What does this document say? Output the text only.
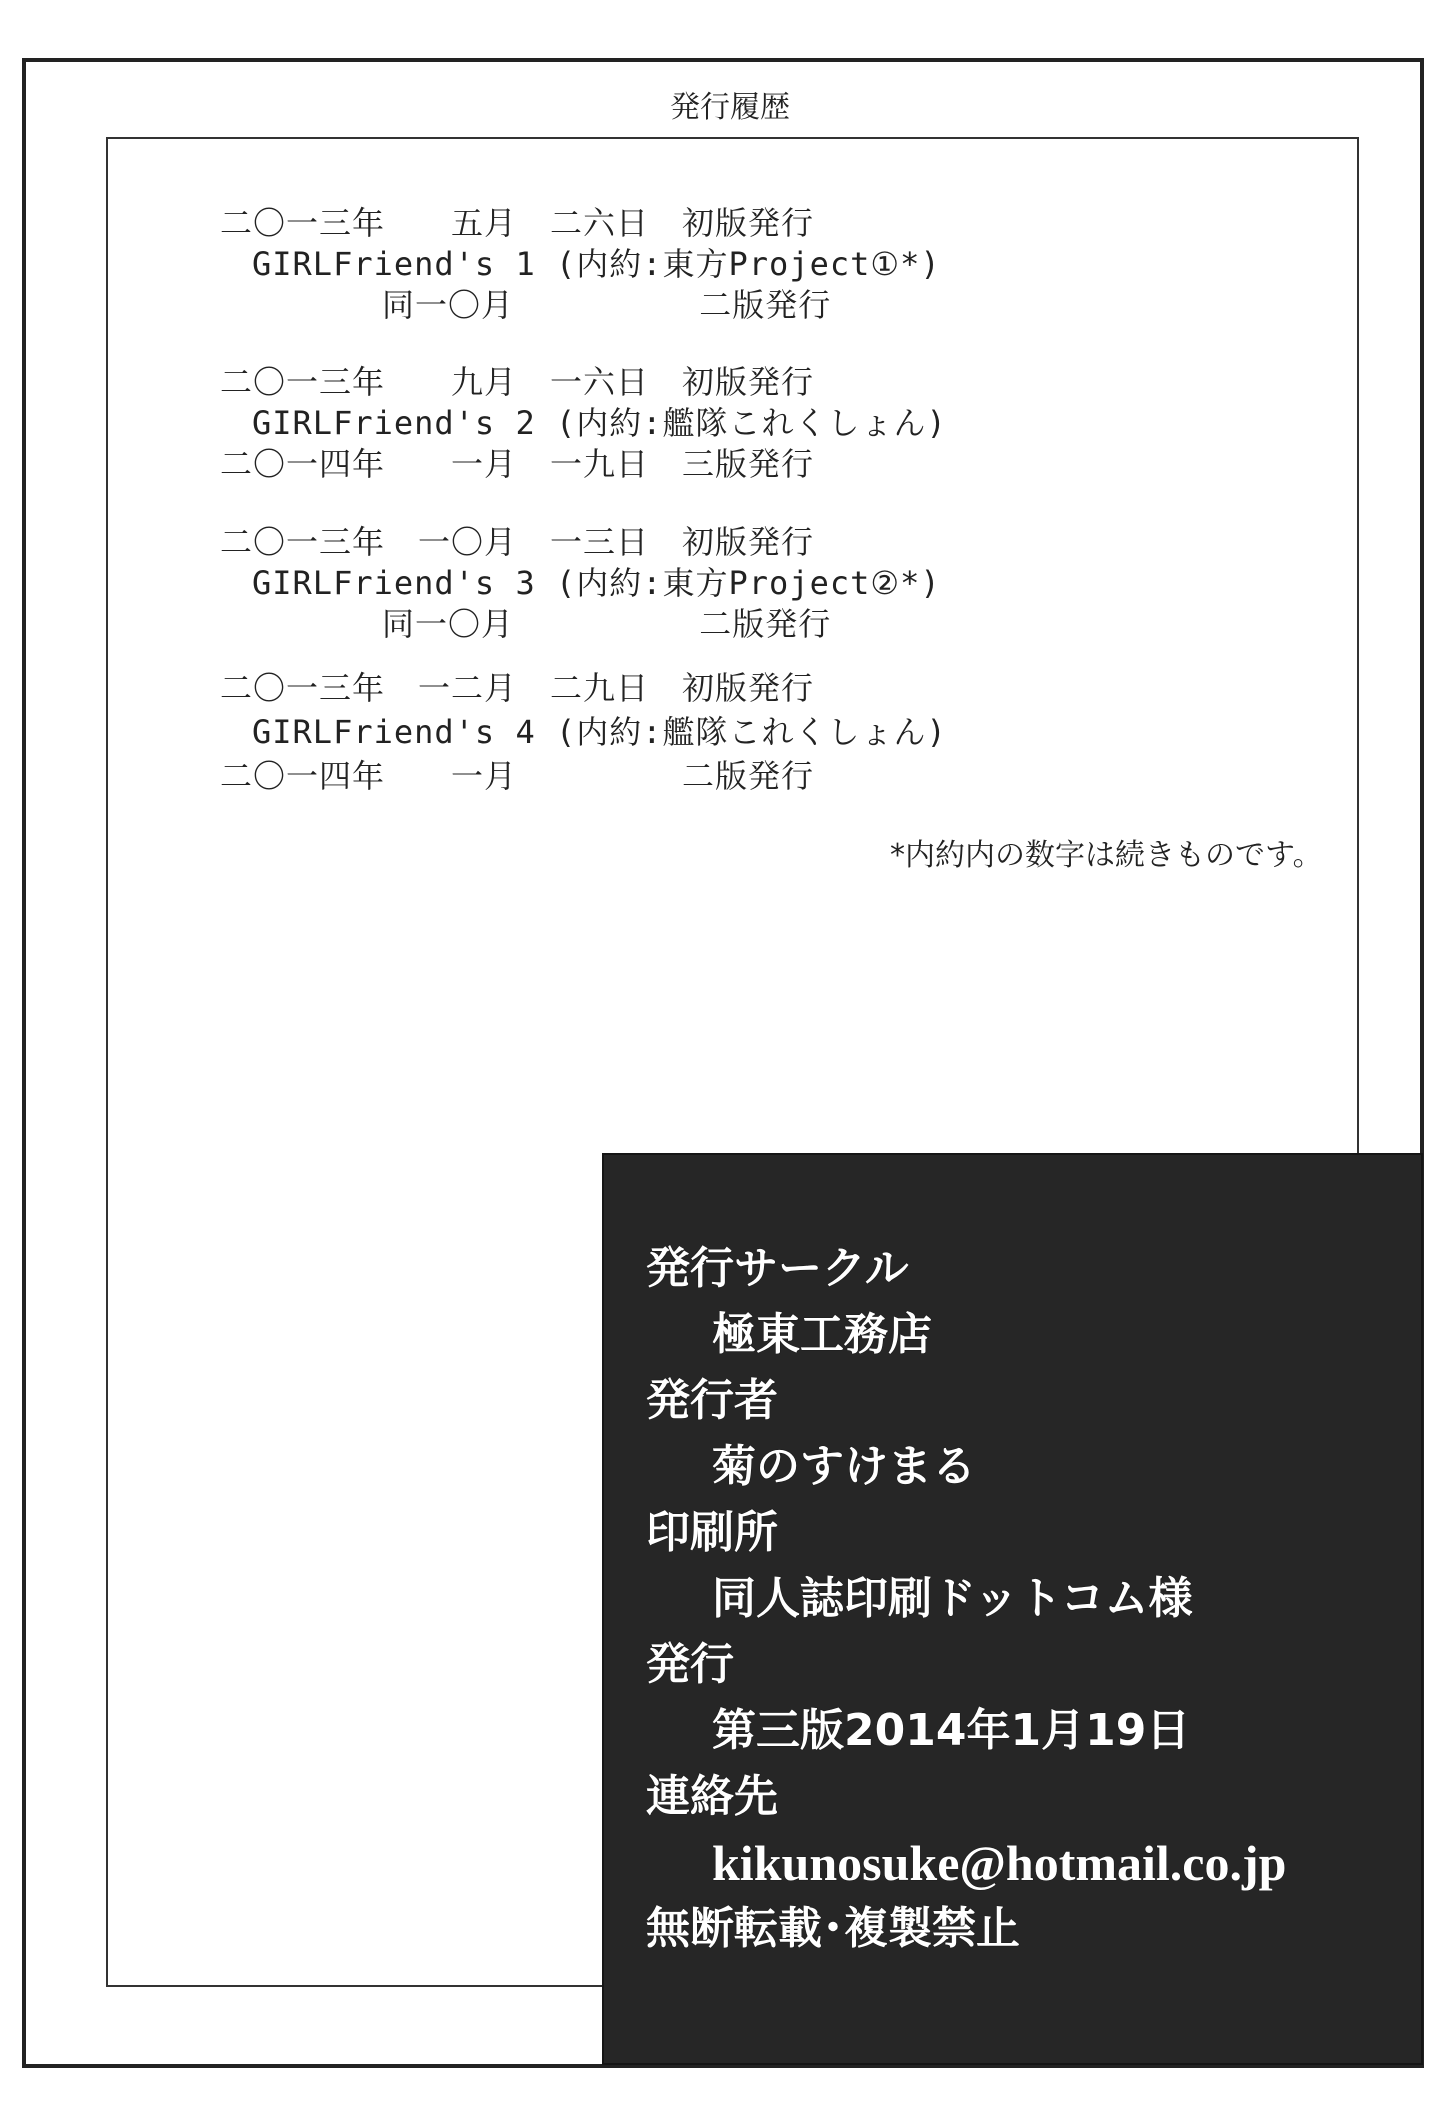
発行履歴
二〇一三年　　五月　二六日　初版発行
GIRLFriend's 1 (内約:東方Project①*)
同一〇月　　　　　 二版発行
二〇一三年　　九月　一六日　初版発行
GIRLFriend's 2 (内約:艦隊これくしょん)
二〇一四年　　一月　一九日　三版発行
二〇一三年　一〇月　一三日　初版発行
GIRLFriend's 3 (内約:東方Project②*)
同一〇月　　　　　 二版発行
二〇一三年　一二月　二九日　初版発行
GIRLFriend's 4 (内約:艦隊これくしょん)
二〇一四年　　一月　　　　　二版発行
*内約内の数字は続きものです。
発行サークル
極東工務店
発行者
菊のすけまる
印刷所
同人誌印刷ドットコム様
発行
第三版2014年1月19日
連絡先
kikunosuke@hotmail.co.jp
無断転載･複製禁止
